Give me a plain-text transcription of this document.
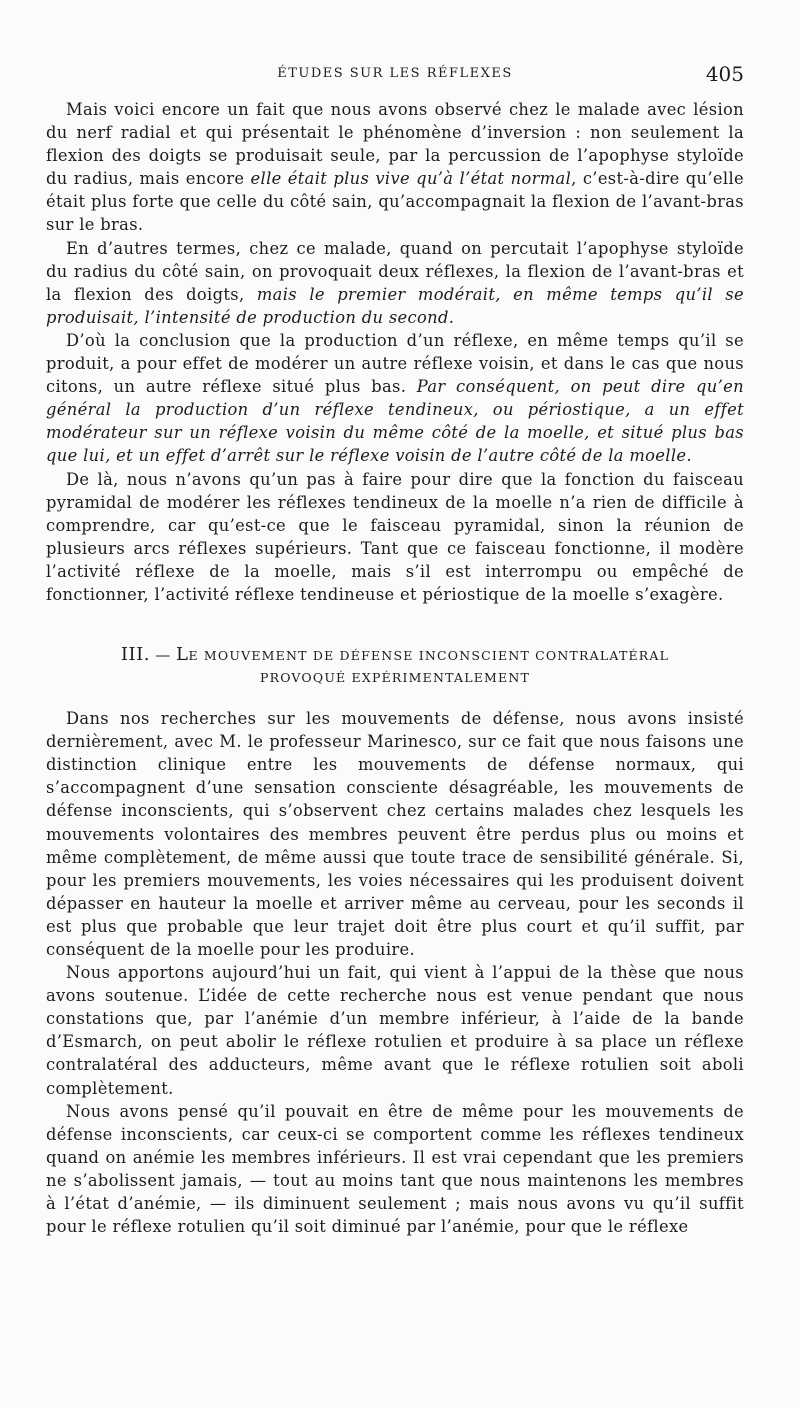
ÉTUDES SUR LES RÉFLEXES	405

Mais voici encore un fait que nous avons observé chez le malade avec lésion du nerf radial et qui présentait le phénomène d’inversion : non seulement la flexion des doigts se produisait seule, par la percussion de l’apophyse styloïde du radius, mais encore elle était plus vive qu’à l’état normal, c’est-à-dire qu’elle était plus forte que celle du côté sain, qu’accompagnait la flexion de l’avant-bras sur le bras.

En d’autres termes, chez ce malade, quand on percutait l’apophyse styloïde du radius du côté sain, on provoquait deux réflexes, la flexion de l’avant-bras et la flexion des doigts, mais le premier modérait, en même temps qu’il se produisait, l’intensité de production du second.

D’où la conclusion que la production d’un réflexe, en même temps qu’il se produit, a pour effet de modérer un autre réflexe voisin, et dans le cas que nous citons, un autre réflexe situé plus bas. Par conséquent, on peut dire qu’en général la production d’un réflexe tendineux, ou périostique, a un effet modérateur sur un réflexe voisin du même côté de la moelle, et situé plus bas que lui, et un effet d’arrêt sur le réflexe voisin de l’autre côté de la moelle.

De là, nous n’avons qu’un pas à faire pour dire que la fonction du faisceau pyramidal de modérer les réflexes tendineux de la moelle n’a rien de difficile à comprendre, car qu’est-ce que le faisceau pyramidal, sinon la réunion de plusieurs arcs réflexes supérieurs. Tant que ce faisceau fonctionne, il modère l’activité réflexe de la moelle, mais s’il est interrompu ou empêché de fonctionner, l’activité réflexe tendineuse et périostique de la moelle s’exagère.

III. — LE MOUVEMENT DE DÉFENSE INCONSCIENT CONTRALATÉRAL
PROVOQUÉ EXPÉRIMENTALEMENT

Dans nos recherches sur les mouvements de défense, nous avons insisté dernièrement, avec M. le professeur Marinesco, sur ce fait que nous faisons une distinction clinique entre les mouvements de défense normaux, qui s’accompagnent d’une sensation consciente désagréable, les mouvements de défense inconscients, qui s’observent chez certains malades chez lesquels les mouvements volontaires des membres peuvent être perdus plus ou moins et même complètement, de même aussi que toute trace de sensibilité générale. Si, pour les premiers mouvements, les voies nécessaires qui les produisent doivent dépasser en hauteur la moelle et arriver même au cerveau, pour les seconds il est plus que probable que leur trajet doit être plus court et qu’il suffit, par conséquent de la moelle pour les produire.

Nous apportons aujourd’hui un fait, qui vient à l’appui de la thèse que nous avons soutenue. L’idée de cette recherche nous est venue pendant que nous constations que, par l’anémie d’un membre inférieur, à l’aide de la bande d’Esmarch, on peut abolir le réflexe rotulien et produire à sa place un réflexe contralatéral des adducteurs, même avant que le réflexe rotulien soit aboli complètement.

Nous avons pensé qu’il pouvait en être de même pour les mouvements de défense inconscients, car ceux-ci se comportent comme les réflexes tendineux quand on anémie les membres inférieurs. Il est vrai cependant que les premiers ne s’abolissent jamais, — tout au moins tant que nous maintenons les membres à l’état d’anémie, — ils diminuent seulement ; mais nous avons vu qu’il suffit pour le réflexe rotulien qu’il soit diminué par l’anémie, pour que le réflexe
